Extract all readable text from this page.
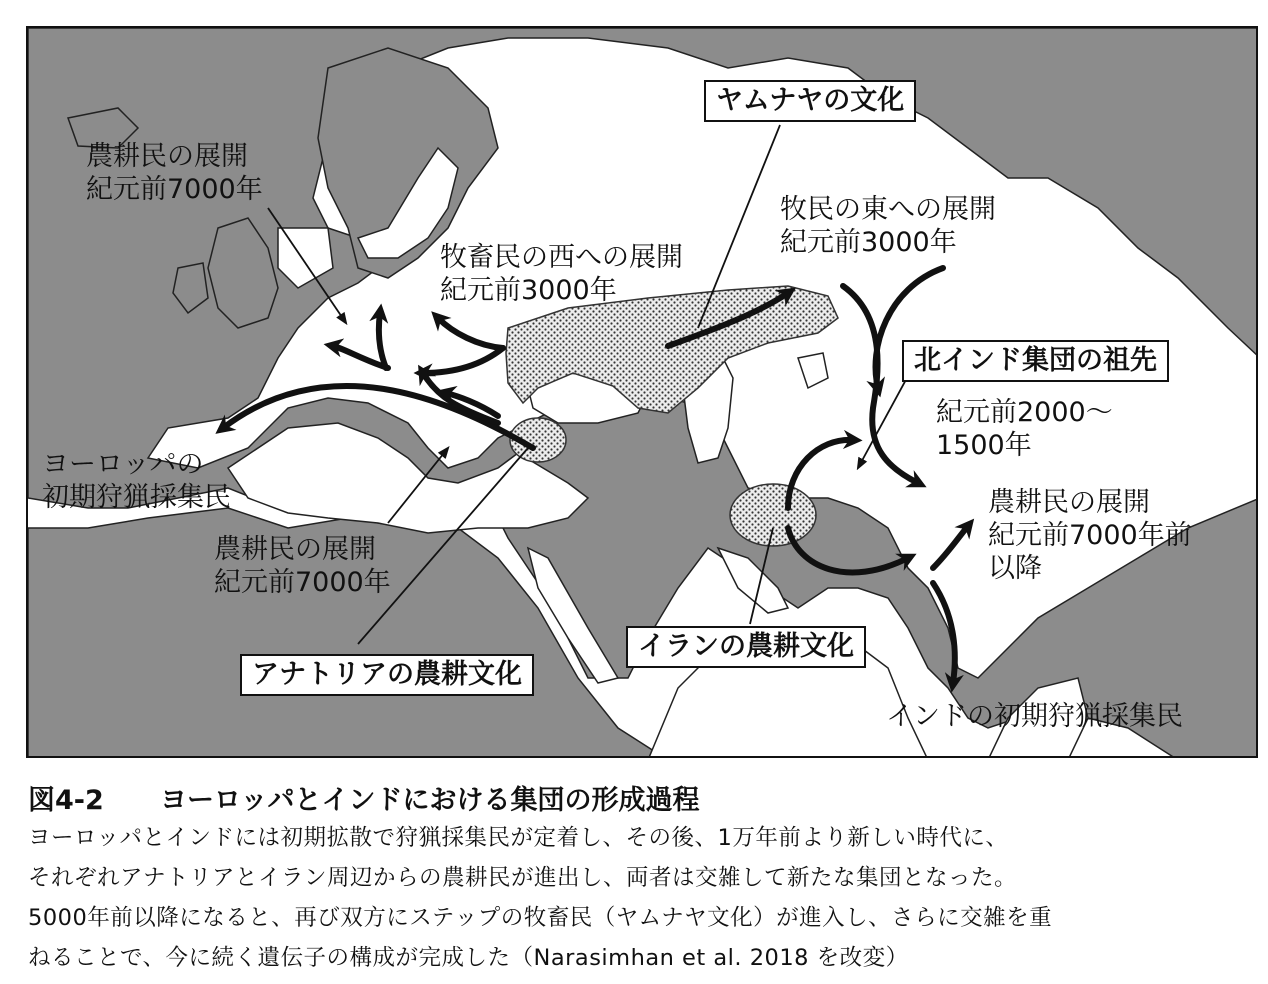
農耕民の展開
紀元前7000年
牧畜民の西への展開
紀元前3000年
牧民の東への展開
紀元前3000年
ヨーロッパの
初期狩猟採集民
農耕民の展開
紀元前7000年
紀元前2000〜
1500年
農耕民の展開
紀元前7000年前
以降
インドの初期狩猟採集民
ヤムナヤの文化
北インド集団の祖先
イランの農耕文化
アナトリアの農耕文化
図4-2 ヨーロッパとインドにおける集団の形成過程
ヨーロッパとインドには初期拡散で狩猟採集民が定着し、その後、1万年前より新しい時代に、
それぞれアナトリアとイラン周辺からの農耕民が進出し、両者は交雑して新たな集団となった。
5000年前以降になると、再び双方にステップの牧畜民（ヤムナヤ文化）が進入し、さらに交雑を重
ねることで、今に続く遺伝子の構成が完成した（Narasimhan et al. 2018 を改変）
